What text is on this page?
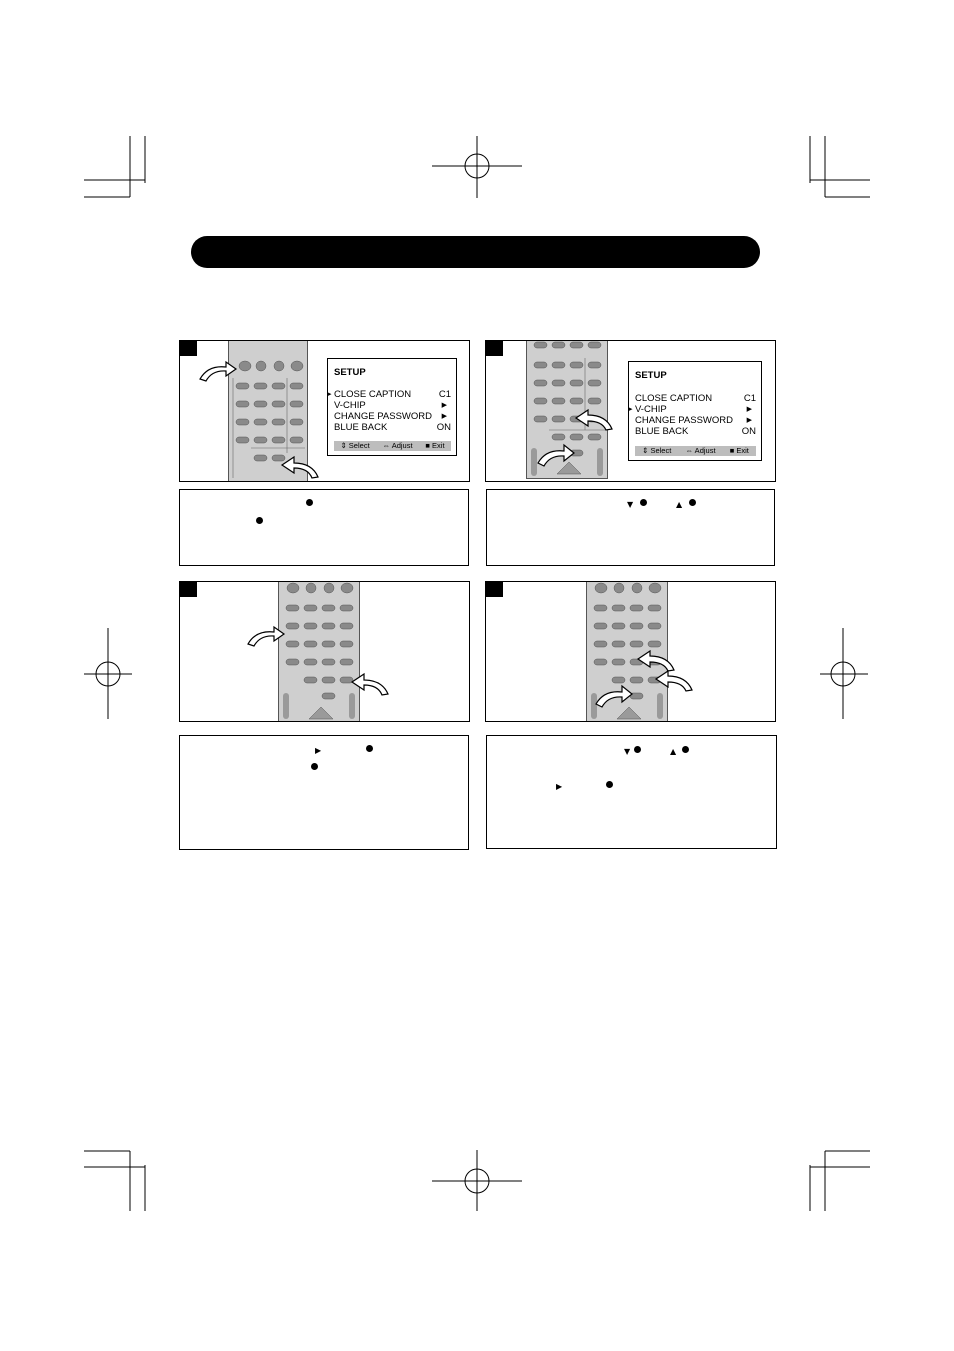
SETUP
▸ CLOSE CAPTION	C1
V-CHIP	▶
CHANGE PASSWORD ▶
BLUE BACK	ON
⇕ Select ⇔ Adjust ■ Exit
SETUP
CLOSE CAPTION	C1
▸ V-CHIP	▶
CHANGE PASSWORD ▶
BLUE BACK	ON
⇕ Select ⇔ Adjust ■ Exit
▼	▲
▶	▼	▲
▶
